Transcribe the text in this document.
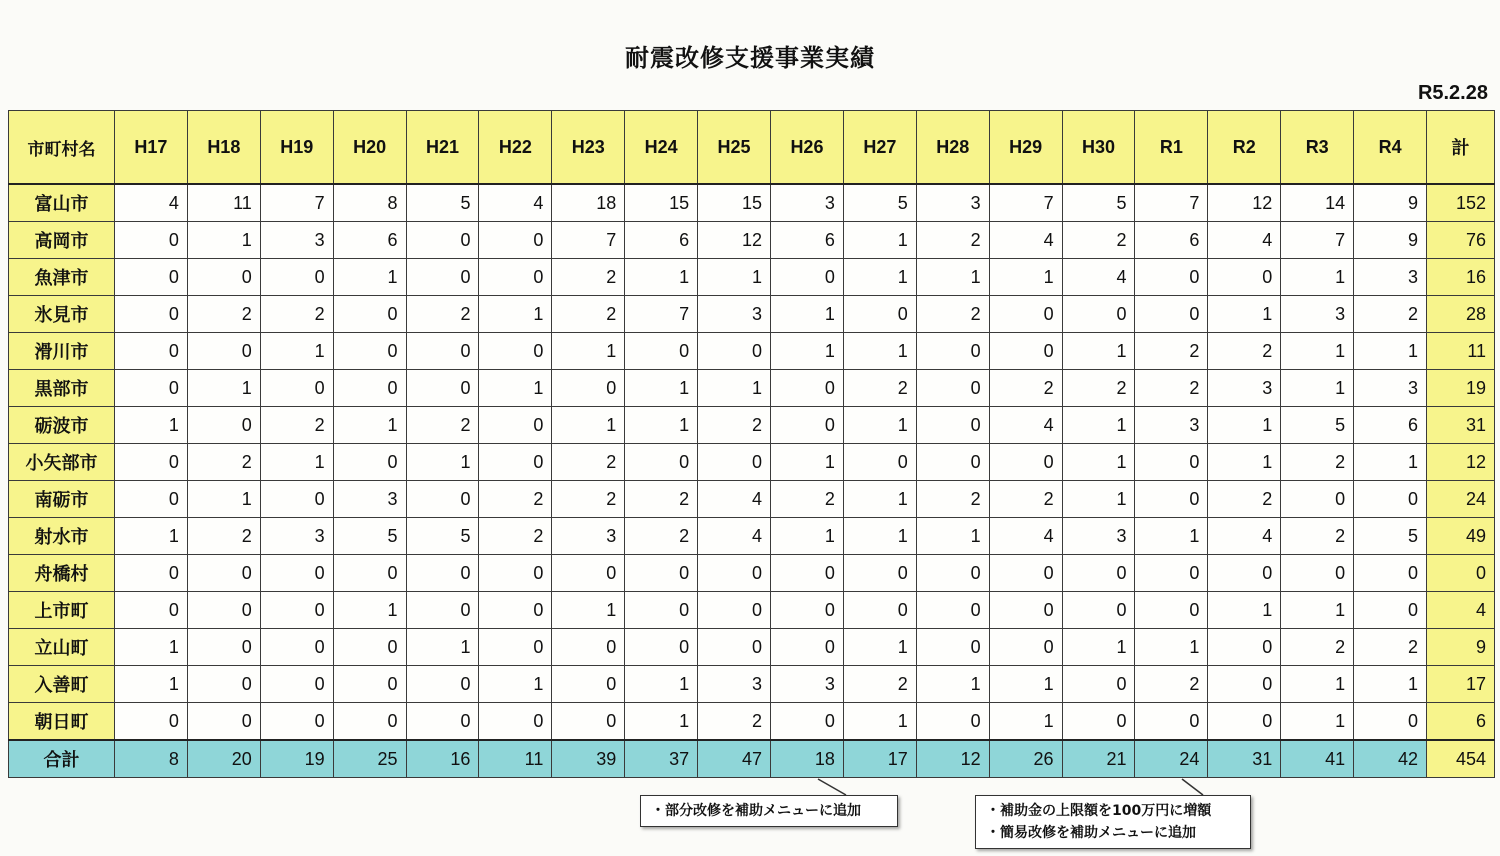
耐震改修支援事業実績
R5.2.28
市町村名	H17	H18	H19	H20	H21	H22	H23	H24	H25	H26	H27	H28	H29	H30	R1	R2	R3	R4	計
富山市	4	11	7	8	5	4	18	15	15	3	5	3	7	5	7	12	14	9	152
高岡市	0	1	3	6	0	0	7	6	12	6	1	2	4	2	6	4	7	9	76
魚津市	0	0	0	1	0	0	2	1	1	0	1	1	1	4	0	0	1	3	16
氷見市	0	2	2	0	2	1	2	7	3	1	0	2	0	0	0	1	3	2	28
滑川市	0	0	1	0	0	0	1	0	0	1	1	0	0	1	2	2	1	1	11
黒部市	0	1	0	0	0	1	0	1	1	0	2	0	2	2	2	3	1	3	19
砺波市	1	0	2	1	2	0	1	1	2	0	1	0	4	1	3	1	5	6	31
小矢部市	0	2	1	0	1	0	2	0	0	1	0	0	0	1	0	1	2	1	12
南砺市	0	1	0	3	0	2	2	2	4	2	1	2	2	1	0	2	0	0	24
射水市	1	2	3	5	5	2	3	2	4	1	1	1	4	3	1	4	2	5	49
舟橋村	0	0	0	0	0	0	0	0	0	0	0	0	0	0	0	0	0	0	0
上市町	0	0	0	1	0	0	1	0	0	0	0	0	0	0	0	1	1	0	4
立山町	1	0	0	0	1	0	0	0	0	0	1	0	0	1	1	0	2	2	9
入善町	1	0	0	0	0	1	0	1	3	3	2	1	1	0	2	0	1	1	17
朝日町	0	0	0	0	0	0	0	1	2	0	1	0	1	0	0	0	1	0	6
合計	8	20	19	25	16	11	39	37	47	18	17	12	26	21	24	31	41	42	454
・部分改修を補助メニューに追加	・補助金の上限額を100万円に増額
・簡易改修を補助メニューに追加
